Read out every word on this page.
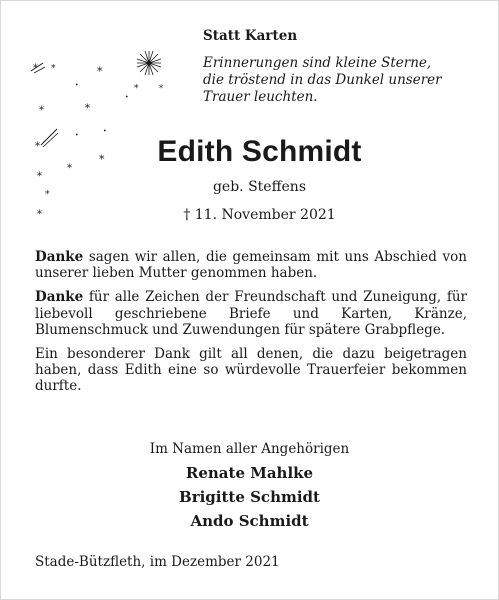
* *	*
*	*
•
*	*
•
*
•
•
*
*
*
*
*
Statt Karten
Erinnerungen sind kleine Sterne,
die tröstend in das Dunkel unserer
Trauer leuchten.
Edith Schmidt
geb. Steffens
† 11. November 2021

Danke sagen wir allen, die gemeinsam mit uns Abschied von unserer lieben Mutter genommen haben.

Danke für alle Zeichen der Freundschaft und Zuneigung, für liebevoll geschriebene Briefe und Karten, Kränze, Blumenschmuck und Zuwendungen für spätere Grabpflege.

Ein besonderer Dank gilt all denen, die dazu beigetragen haben, dass Edith eine so würdevolle Trauerfeier bekommen durfte.

Im Namen aller Angehörigen
Renate Mahlke
Brigitte Schmidt
Ando Schmidt
Stade-Bützfleth, im Dezember 2021
